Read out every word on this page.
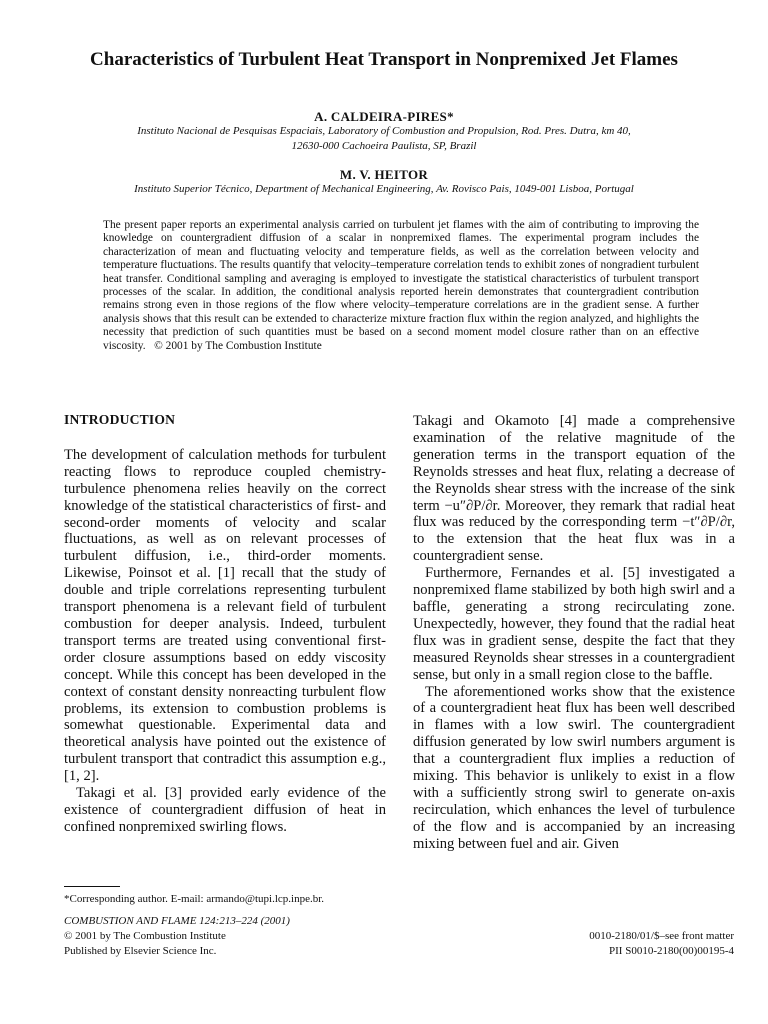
Characteristics of Turbulent Heat Transport in Nonpremixed Jet Flames
A. CALDEIRA-PIRES*
Instituto Nacional de Pesquisas Espaciais, Laboratory of Combustion and Propulsion, Rod. Pres. Dutra, km 40,
12630-000 Cachoeira Paulista, SP, Brazil
M. V. HEITOR
Instituto Superior Técnico, Department of Mechanical Engineering, Av. Rovisco Pais, 1049-001 Lisboa, Portugal
The present paper reports an experimental analysis carried on turbulent jet flames with the aim of contributing to improving the knowledge on countergradient diffusion of a scalar in nonpremixed flames. The experimental program includes the characterization of mean and fluctuating velocity and temperature fields, as well as the correlation between velocity and temperature fluctuations. The results quantify that velocity–temperature correlation tends to exhibit zones of nongradient turbulent heat transfer. Conditional sampling and averaging is employed to investigate the statistical characteristics of turbulent transport processes of the scalar. In addition, the conditional analysis reported herein demonstrates that countergradient contribution remains strong even in those regions of the flow where velocity–temperature correlations are in the gradient sense. A further analysis shows that this result can be extended to characterize mixture fraction flux within the region analyzed, and highlights the necessity that prediction of such quantities must be based on a second moment model closure rather than on an effective viscosity. © 2001 by The Combustion Institute
INTRODUCTION

The development of calculation methods for turbulent reacting flows to reproduce coupled chemistry-turbulence phenomena relies heavily on the correct knowledge of the statistical characteristics of first- and second-order moments of velocity and scalar fluctuations, as well as on relevant processes of turbulent diffusion, i.e., third-order moments. Likewise, Poinsot et al. [1] recall that the study of double and triple correlations representing turbulent transport phenomena is a relevant field of turbulent combustion for deeper analysis. Indeed, turbulent transport terms are treated using conventional first-order closure assumptions based on eddy viscosity concept. While this concept has been developed in the context of constant density nonreacting turbulent flow problems, its extension to combustion problems is somewhat questionable. Experimental data and theoretical analysis have pointed out the existence of turbulent transport that contradict this assumption e.g., [1, 2].

Takagi et al. [3] provided early evidence of the existence of countergradient diffusion of heat in confined nonpremixed swirling flows.

Takagi and Okamoto [4] made a comprehensive examination of the relative magnitude of the generation terms in the transport equation of the Reynolds stresses and heat flux, relating a decrease of the Reynolds shear stress with the increase of the sink term −u″∂P/∂r. Moreover, they remark that radial heat flux was reduced by the corresponding term −t″∂P/∂r, to the extension that the heat flux was in a countergradient sense.

Furthermore, Fernandes et al. [5] investigated a nonpremixed flame stabilized by both high swirl and a baffle, generating a strong recirculating zone. Unexpectedly, however, they found that the radial heat flux was in gradient sense, despite the fact that they measured Reynolds shear stresses in a countergradient sense, but only in a small region close to the baffle.

The aforementioned works show that the existence of a countergradient heat flux has been well described in flames with a low swirl. The countergradient diffusion generated by low swirl numbers argument is that a countergradient flux implies a reduction of mixing. This behavior is unlikely to exist in a flow with a sufficiently strong swirl to generate on-axis recirculation, which enhances the level of turbulence of the flow and is accompanied by an increasing mixing between fuel and air. Given

*Corresponding author. E-mail: armando@tupi.lcp.inpe.br.
COMBUSTION AND FLAME 124:213–224 (2001)
© 2001 by The Combustion Institute
Published by Elsevier Science Inc.
0010-2180/01/$–see front matter
PII S0010-2180(00)00195-4
